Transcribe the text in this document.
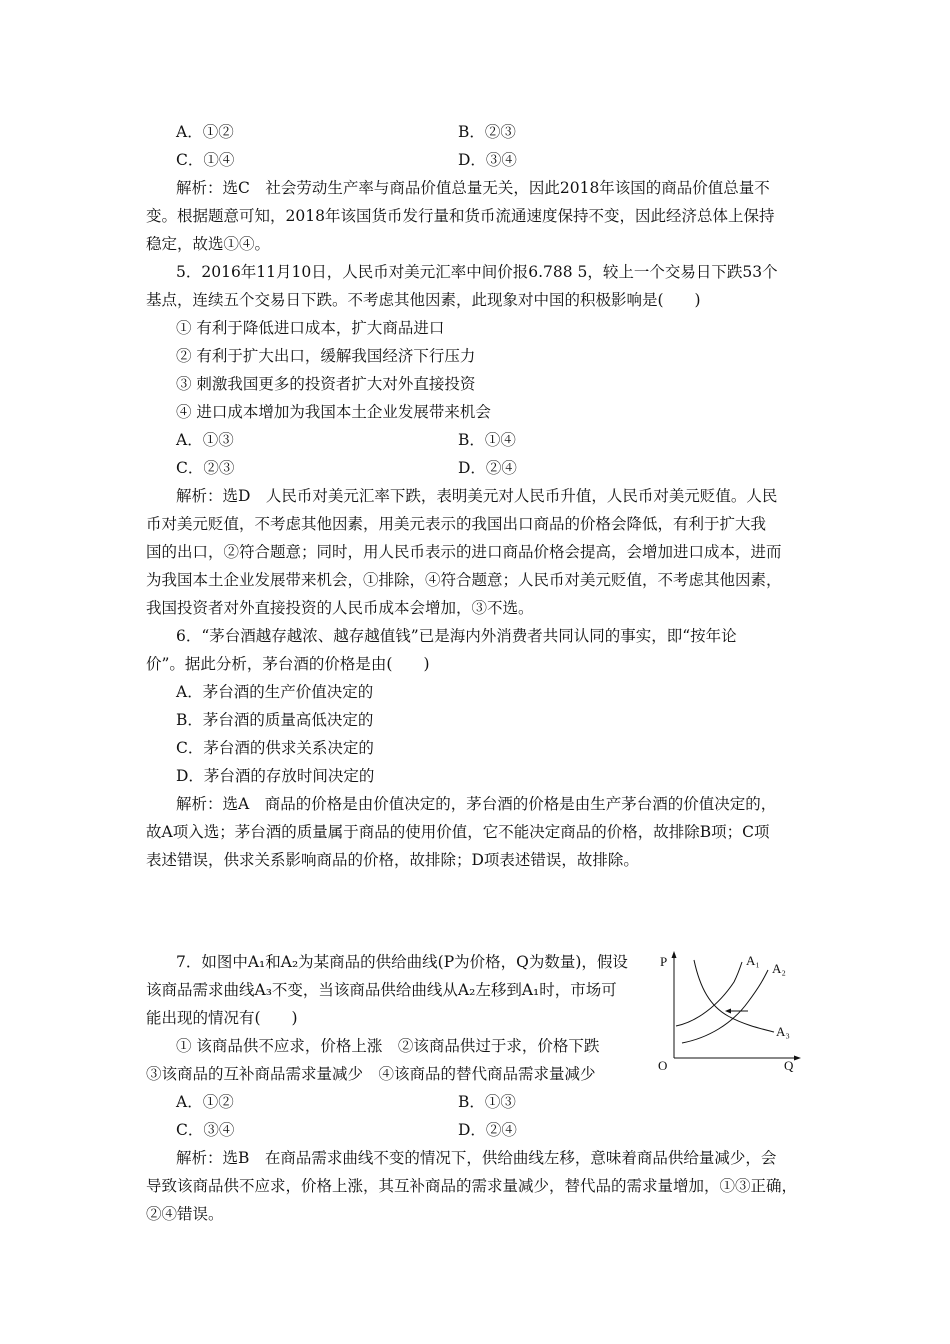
A．①②	B．②③
C．①④	D．③④
解析：选C　社会劳动生产率与商品价值总量无关，因此2018年该国的商品价值总量不
变。根据题意可知，2018年该国货币发行量和货币流通速度保持不变，因此经济总体上保持
稳定，故选①④。
5．2016年11月10日，人民币对美元汇率中间价报6.788 5，较上一个交易日下跌53个
基点，连续五个交易日下跌。不考虑其他因素，此现象对中国的积极影响是(　　)
① 有利于降低进口成本，扩大商品进口
② 有利于扩大出口，缓解我国经济下行压力
③ 刺激我国更多的投资者扩大对外直接投资
④ 进口成本增加为我国本土企业发展带来机会
A．①③	B．①④
C．②③	D．②④
解析：选D　人民币对美元汇率下跌，表明美元对人民币升值，人民币对美元贬值。人民
币对美元贬值，不考虑其他因素，用美元表示的我国出口商品的价格会降低，有利于扩大我
国的出口，②符合题意；同时，用人民币表示的进口商品价格会提高，会增加进口成本，进而
为我国本土企业发展带来机会，①排除，④符合题意；人民币对美元贬值，不考虑其他因素，
我国投资者对外直接投资的人民币成本会增加，③不选。
6．“茅台酒越存越浓、越存越值钱”已是海内外消费者共同认同的事实，即“按年论
价”。据此分析，茅台酒的价格是由(　　)
A．茅台酒的生产价值决定的
B．茅台酒的质量高低决定的
C．茅台酒的供求关系决定的
D．茅台酒的存放时间决定的
解析：选A　商品的价格是由价值决定的，茅台酒的价格是由生产茅台酒的价值决定的，
故A项入选；茅台酒的质量属于商品的使用价值，它不能决定商品的价格，故排除B项；C项
表述错误，供求关系影响商品的价格，故排除；D项表述错误，故排除。
7．如图中A₁和A₂为某商品的供给曲线(P为价格，Q为数量)，假设
该商品需求曲线A₃不变，当该商品供给曲线从A₂左移到A₁时，市场可
能出现的情况有(　　)
① 该商品供不应求，价格上涨　②该商品供过于求，价格下跌
③该商品的互补商品需求量减少　④该商品的替代商品需求量减少
A．①②	B．①③
C．③④	D．②④
解析：选B　在商品需求曲线不变的情况下，供给曲线左移，意味着商品供给量减少，会
导致该商品供不应求，价格上涨，其互补商品的需求量减少，替代品的需求量增加，①③正确，
②④错误。
P
O	Q
A₁
A₂
A₃
